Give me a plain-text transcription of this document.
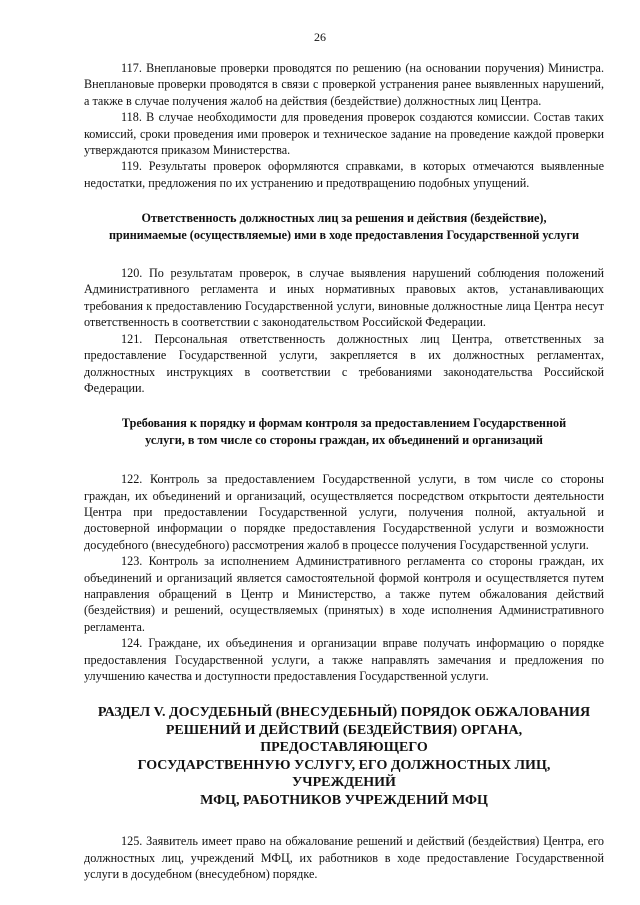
26

117. Внеплановые проверки проводятся по решению (на основании поручения) Министра. Внеплановые проверки проводятся в связи с проверкой устранения ранее выявленных нарушений, а также в случае получения жалоб на действия (бездействие) должностных лиц Центра.

118. В случае необходимости для проведения проверок создаются комиссии. Состав таких комиссий, сроки проведения ими проверок и техническое задание на проведение каждой проверки утверждаются приказом Министерства.

119. Результаты проверок оформляются справками, в которых отмечаются выявленные недостатки, предложения по их устранению и предотвращению подобных упущений.

Ответственность должностных лиц за решения и действия (бездействие),
принимаемые (осуществляемые) ими в ходе предоставления Государственной услуги

120. По результатам проверок, в случае выявления нарушений соблюдения положений Административного регламента и иных нормативных правовых актов, устанавливающих требования к предоставлению Государственной услуги, виновные должностные лица Центра несут ответственность в соответствии с законодательством Российской Федерации.

121. Персональная ответственность должностных лиц Центра, ответственных за предоставление Государственной услуги, закрепляется в их должностных регламентах, должностных инструкциях в соответствии с требованиями законодательства Российской Федерации.

Требования к порядку и формам контроля за предоставлением Государственной
услуги, в том числе со стороны граждан, их объединений и организаций

122. Контроль за предоставлением Государственной услуги, в том числе со стороны граждан, их объединений и организаций, осуществляется посредством открытости деятельности Центра при предоставлении Государственной услуги, получения полной, актуальной и достоверной информации о порядке предоставления Государственной услуги и возможности досудебного (внесудебного) рассмотрения жалоб в процессе получения Государственной услуги.

123. Контроль за исполнением Административного регламента со стороны граждан, их объединений и организаций является самостоятельной формой контроля и осуществляется путем направления обращений в Центр и Министерство, а также путем обжалования действий (бездействия) и решений, осуществляемых (принятых) в ходе исполнения Административного регламента.

124. Граждане, их объединения и организации вправе получать информацию о порядке предоставления Государственной услуги, а также направлять замечания и предложения по улучшению качества и доступности предоставления Государственной услуги.

РАЗДЕЛ V. ДОСУДЕБНЫЙ (ВНЕСУДЕБНЫЙ) ПОРЯДОК ОБЖАЛОВАНИЯ
РЕШЕНИЙ И ДЕЙСТВИЙ (БЕЗДЕЙСТВИЯ) ОРГАНА, ПРЕДОСТАВЛЯЮЩЕГО
ГОСУДАРСТВЕННУЮ УСЛУГУ, ЕГО ДОЛЖНОСТНЫХ ЛИЦ, УЧРЕЖДЕНИЙ
МФЦ, РАБОТНИКОВ УЧРЕЖДЕНИЙ МФЦ

125. Заявитель имеет право на обжалование решений и действий (бездействия) Центра, его должностных лиц, учреждений МФЦ, их работников в ходе предоставление Государственной услуги в досудебном (внесудебном) порядке.
